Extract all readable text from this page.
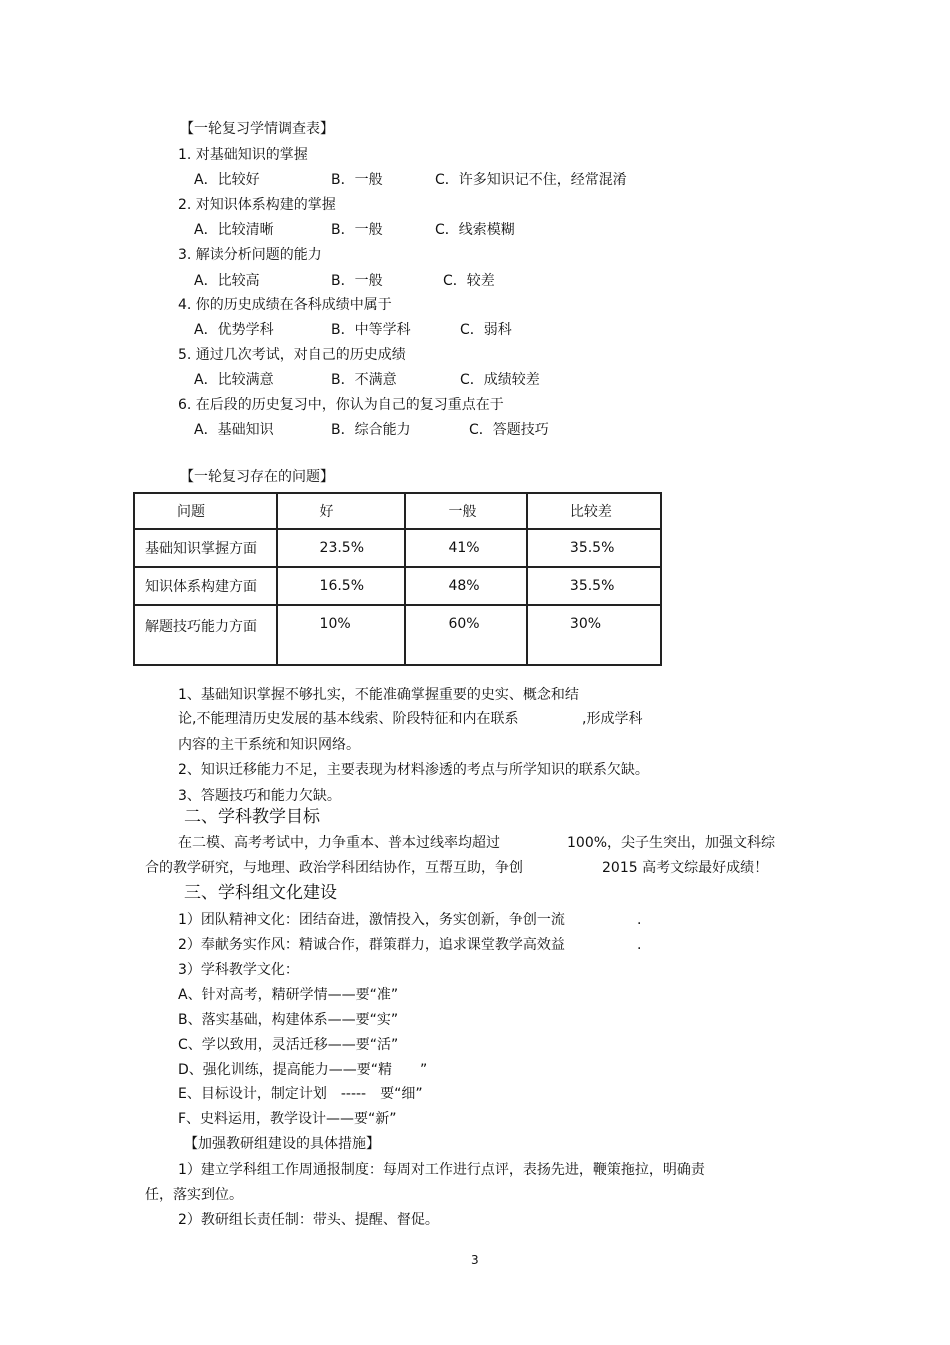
【一轮复习学情调查表】
1. 对基础知识的掌握
A．比较好	B．一般	C．许多知识记不住，经常混淆
2. 对知识体系构建的掌握
A．比较清晰	B．一般	C．线索模糊
3. 解读分析问题的能力
A．比较高	B．一般	C．较差
4. 你的历史成绩在各科成绩中属于
A．优势学科	B．中等学科	C．弱科
5. 通过几次考试，对自己的历史成绩
A．比较满意	B．不满意	C．成绩较差
6. 在后段的历史复习中，你认为自己的复习重点在于
A．基础知识	B．综合能力	C．答题技巧
【一轮复习存在的问题】
问题	好	一般	比较差
基础知识掌握方面	23.5%	41%	35.5%
知识体系构建方面	16.5%	48%	35.5%
解题技巧能力方面	10%	60%	30%
1、基础知识掌握不够扎实，不能准确掌握重要的史实、概念和结
论,不能理清历史发展的基本线索、阶段特征和内在联系	,形成学科
内容的主干系统和知识网络。
2、知识迁移能力不足，主要表现为材料渗透的考点与所学知识的联系欠缺。
3、答题技巧和能力欠缺。
二、学科教学目标
在二模、高考考试中，力争重本、普本过线率均超过	100%，尖子生突出，加强文科综
合的教学研究，与地理、政治学科团结协作，互帮互助，争创	2015 高考文综最好成绩！
三、学科组文化建设
1）团队精神文化：团结奋进，激情投入，务实创新，争创一流	.
2）奉献务实作风：精诚合作，群策群力，追求课堂教学高效益	.
3）学科教学文化：
A、针对高考，精研学情——要“准”
B、落实基础，构建体系——要“实”
C、学以致用，灵活迁移——要“活”
D、强化训练，提高能力——要“精　　”
E、目标设计，制定计划　-----　要“细”
F、史料运用，教学设计——要“新”
【加强教研组建设的具体措施】
1）建立学科组工作周通报制度：每周对工作进行点评，表扬先进，鞭策拖拉，明确责
任，落实到位。
2）教研组长责任制：带头、提醒、督促。
3
